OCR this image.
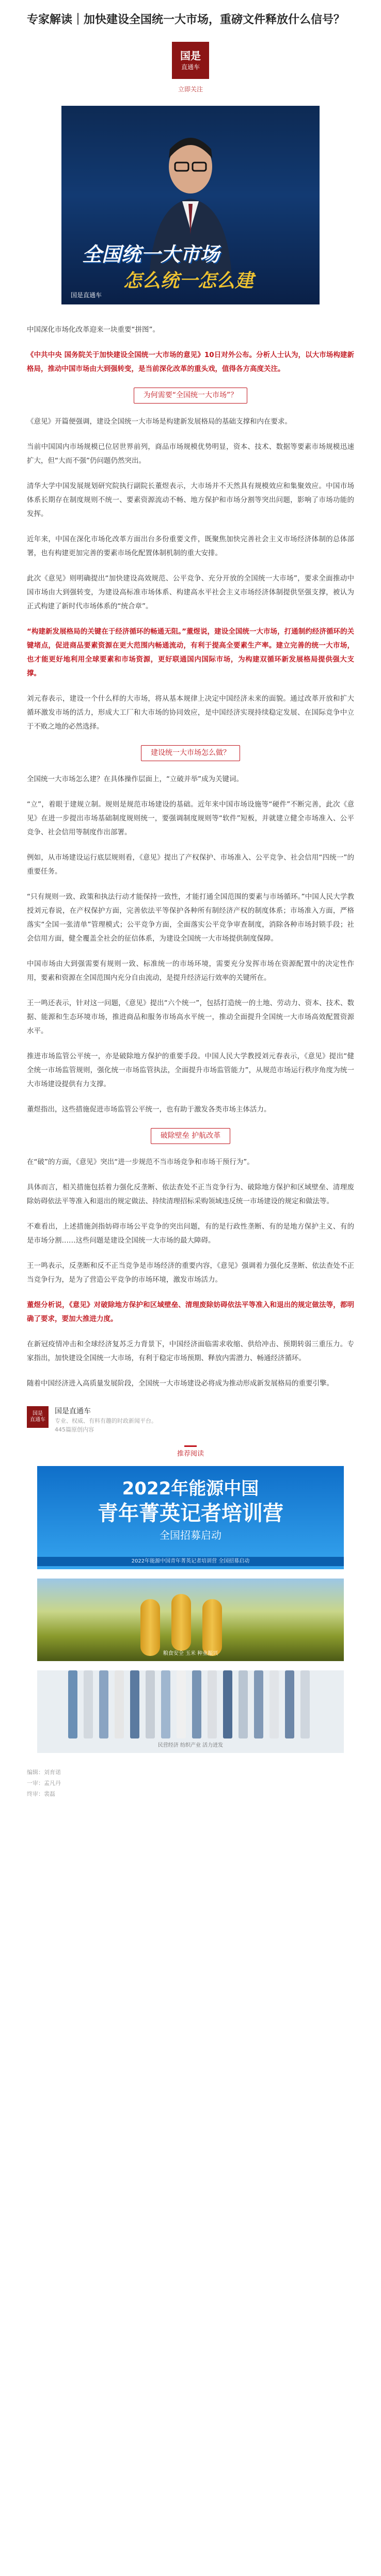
专家解读｜加快建设全国统一大市场，重磅文件释放什么信号？
国是
直通车
立即关注
全国统一大市场
怎么统一怎么建
国是直通车

中国深化市场化改革迎来一块重要“拼图”。

《中共中央 国务院关于加快建设全国统一大市场的意见》10日对外公布。分析人士认为，以大市场构建新格局，推动中国市场由大到强转变，是当前深化改革的重头戏，值得各方高度关注。

为何需要“全国统一大市场”？

《意见》开篇便强调，建设全国统一大市场是构建新发展格局的基础支撑和内在要求。

当前中国国内市场规模已位居世界前列，商品市场规模优势明显，资本、技术、数据等要素市场规模迅速扩大，但“大而不强”仍问题仍然突出。

清华大学中国发展规划研究院执行副院长董煜表示，大市场并不天然具有规模效应和集聚效应。中国市场体系长期存在制度规则不统一、要素资源流动不畅、地方保护和市场分割等突出问题，影响了市场功能的发挥。

近年来，中国在深化市场化改革方面出台多份重要文件，既聚焦加快完善社会主义市场经济体制的总体部署，也有构建更加完善的要素市场化配置体制机制的重大安排。

此次《意见》则明确提出“加快建设高效规范、公平竞争、充分开放的全国统一大市场”，要求全面推动中国市场由大到强转变，为建设高标准市场体系、构建高水平社会主义市场经济体制提供坚强支撑，被认为正式构建了新时代市场体系的“统合章”。

“构建新发展格局的关键在于经济循环的畅通无阻。”董煜说，建设全国统一大市场，打通制约经济循环的关键堵点，促进商品要素资源在更大范围内畅通流动，有利于提高全要素生产率。建立完善的统一大市场，也才能更好地利用全球要素和市场资源，更好联通国内国际市场，为构建双循环新发展格局提供强大支撑。

刘元春表示，建设一个什么样的大市场，将从基本规律上决定中国经济未来的面貌。通过改革开放和扩大循环激发市场的活力，形成大工厂和大市场的协同效应，是中国经济实现持续稳定发展、在国际竞争中立于不败之地的必然选择。

建设统一大市场怎么做？

全国统一大市场怎么建？在具体操作层面上，“立破并举”成为关键词。

“立”，着眼于建规立制。规则是规范市场建设的基础。近年来中国市场设施等“硬件”不断完善，此次《意见》在进一步提出市场基础制度规则统一，要强调制度规则等“软件”短板，并就建立健全市场准入、公平竞争、社会信用等制度作出部署。

例如，从市场建设运行底层规则看，《意见》提出了产权保护、市场准入、公平竞争、社会信用“四统一”的重要任务。

“只有规则一致、政策和执法行动才能保持一致性，才能打通全国范围的要素与市场循环。”中国人民大学教授刘元春说，在产权保护方面，完善依法平等保护各种所有制经济产权的制度体系；市场准入方面，严格落实“全国一张清单”管理模式；公平竞争方面，全面落实公平竞争审查制度，消除各种市场封锁手段；社会信用方面，健全覆盖全社会的征信体系，为建设全国统一大市场提供制度保障。

中国市场由大到强需要有规则一致、标准统一的市场环境，需要充分发挥市场在资源配置中的决定性作用，要素和资源在全国范围内充分自由流动，是提升经济运行效率的关键所在。

王一鸣还表示，针对这一问题，《意见》提出“六个统一”，包括打造统一的土地、劳动力、资本、技术、数据、能源和生态环境市场，推进商品和服务市场高水平统一，推动全面提升全国统一大市场高效配置资源水平。

推进市场监管公平统一，亦是破除地方保护的重要手段。中国人民大学教授刘元春表示，《意见》提出“健全统一市场监管规则，强化统一市场监管执法，全面提升市场监管能力”，从规范市场运行秩序角度为统一大市场建设提供有力支撑。

董煜指出，这些措施促进市场监管公平统一，也有助于激发各类市场主体活力。

破除壁垒 护航改革

在“破”的方面，《意见》突出“进一步规范不当市场竞争和市场干预行为”。

具体而言，相关措施包括着力强化反垄断、依法查处不正当竞争行为、破除地方保护和区域壁垒、清理废除妨碍依法平等准入和退出的规定做法、持续清理招标采购领域违反统一市场建设的规定和做法等。

不难看出，上述措施剑指妨碍市场公平竞争的突出问题，有的是行政性垄断、有的是地方保护主义、有的是市场分割……这些问题是建设全国统一大市场的最大障碍。

王一鸣表示，反垄断和反不正当竞争是市场经济的重要内容，《意见》强调着力强化反垄断、依法查处不正当竞争行为，是为了营造公平竞争的市场环境，激发市场活力。

董煜分析说，《意见》对破除地方保护和区域壁垒、清理废除妨碍依法平等准入和退出的规定做法等，都明确了要求，要加大推进力度。

在新冠疫情冲击和全球经济复苏乏力背景下，中国经济面临需求收缩、供给冲击、预期转弱三重压力。专家指出，加快建设全国统一大市场，有利于稳定市场预期、释放内需潜力、畅通经济循环。

随着中国经济进入高质量发展阶段，全国统一大市场建设必将成为推动形成新发展格局的重要引擎。

国是
直通车
国是直通车
专业、权威、有料有趣的时政新闻平台。
445篇原创内容
推荐阅读
2022年能源中国
青年菁英记者培训营
全国招募启动
2022年能源中国青年菁英记者培训营 全国招募启动
粮食安全 玉米 种业振兴
民营经济 纺织产业 活力迸发
编辑：刘育诺
一审：孟凡丹
终审：裴磊
